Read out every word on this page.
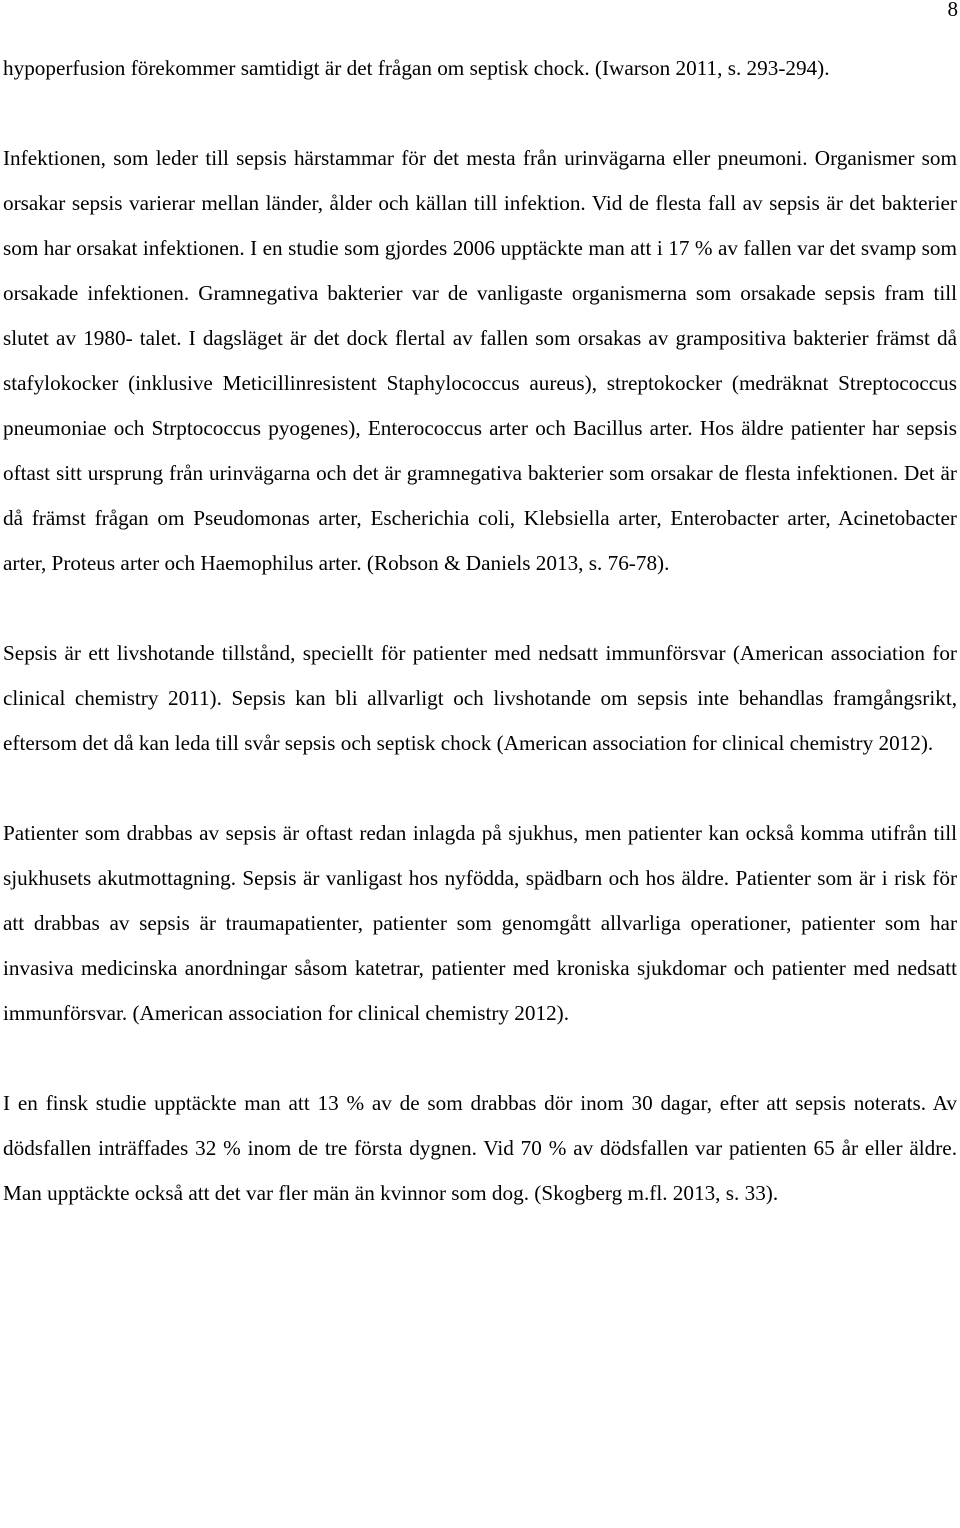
8

hypoperfusion förekommer samtidigt är det frågan om septisk chock. (Iwarson 2011, s. 293-294).

Infektionen, som leder till sepsis härstammar för det mesta från urinvägarna eller pneumoni. Organismer som orsakar sepsis varierar mellan länder, ålder och källan till infektion. Vid de flesta fall av sepsis är det bakterier som har orsakat infektionen. I en studie som gjordes 2006 upptäckte man att i 17 % av fallen var det svamp som orsakade infektionen. Gramnegativa bakterier var de vanligaste organismerna som orsakade sepsis fram till slutet av 1980- talet. I dagsläget är det dock flertal av fallen som orsakas av grampositiva bakterier främst då stafylokocker (inklusive Meticillinresistent Staphylococcus aureus), streptokocker (medräknat Streptococcus pneumoniae och Strptococcus pyogenes), Enterococcus arter och Bacillus arter. Hos äldre patienter har sepsis oftast sitt ursprung från urinvägarna och det är gramnegativa bakterier som orsakar de flesta infektionen. Det är då främst frågan om Pseudomonas arter, Escherichia coli, Klebsiella arter, Enterobacter arter, Acinetobacter arter, Proteus arter och Haemophilus arter. (Robson & Daniels 2013, s. 76-78).

Sepsis är ett livshotande tillstånd, speciellt för patienter med nedsatt immunförsvar (American association for clinical chemistry 2011). Sepsis kan bli allvarligt och livshotande om sepsis inte behandlas framgångsrikt, eftersom det då kan leda till svår sepsis och septisk chock (American association for clinical chemistry 2012).

Patienter som drabbas av sepsis är oftast redan inlagda på sjukhus, men patienter kan också komma utifrån till sjukhusets akutmottagning. Sepsis är vanligast hos nyfödda, spädbarn och hos äldre. Patienter som är i risk för att drabbas av sepsis är traumapatienter, patienter som genomgått allvarliga operationer, patienter som har invasiva medicinska anordningar såsom katetrar, patienter med kroniska sjukdomar och patienter med nedsatt immunförsvar. (American association for clinical chemistry 2012).

I en finsk studie upptäckte man att 13 % av de som drabbas dör inom 30 dagar, efter att sepsis noterats. Av dödsfallen inträffades 32 % inom de tre första dygnen. Vid 70 % av dödsfallen var patienten 65 år eller äldre. Man upptäckte också att det var fler män än kvinnor som dog. (Skogberg m.fl. 2013, s. 33).
